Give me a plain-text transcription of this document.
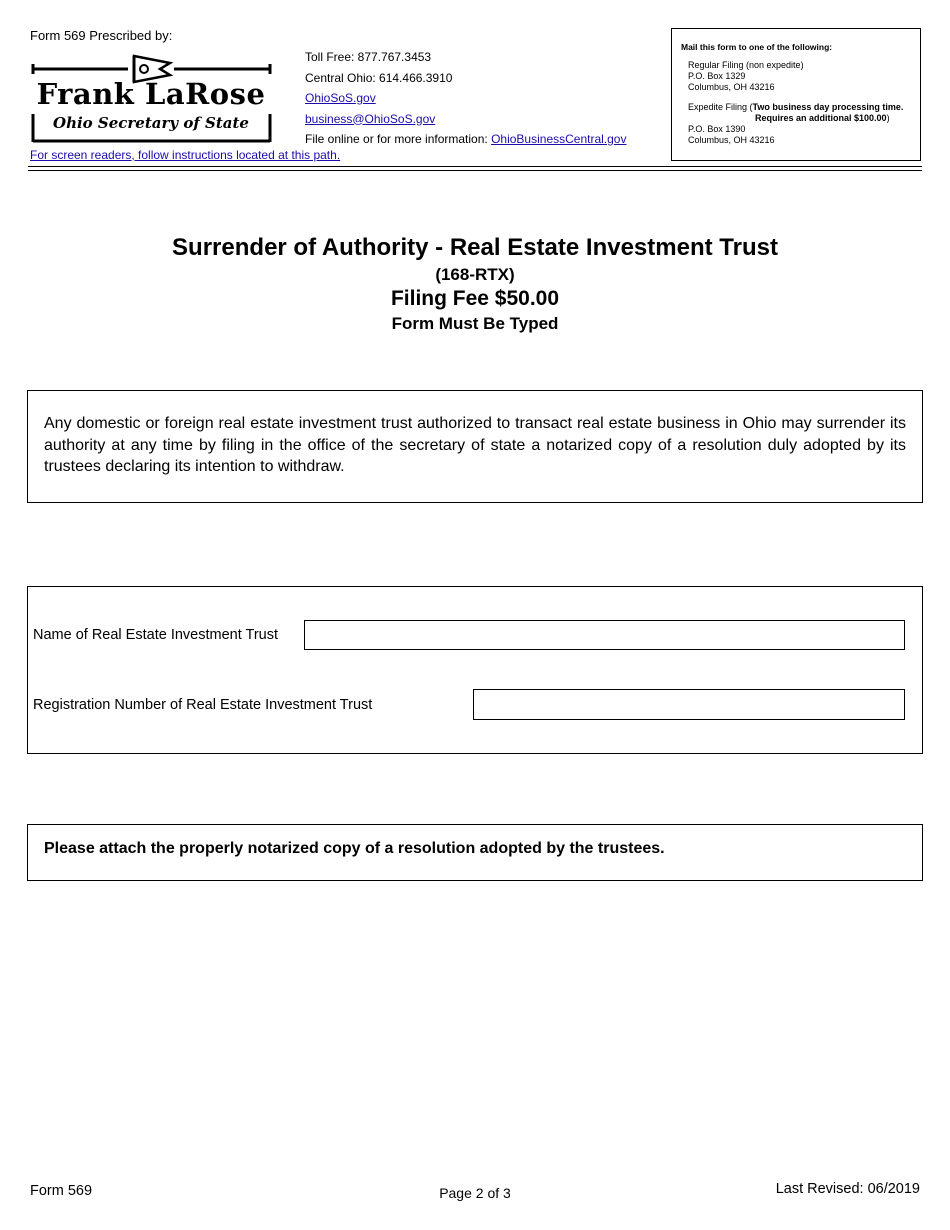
Form 569 Prescribed by:
Frank LaRose
Ohio Secretary of State
Toll Free: 877.767.3453
Central Ohio: 614.466.3910
OhioSoS.gov
business@OhioSoS.gov
File online or for more information: OhioBusinessCentral.gov
For screen readers, follow instructions located at this path.
Mail this form to one of the following:
Regular Filing (non expedite)
P.O. Box 1329
Columbus, OH 43216
Expedite Filing (Two business day processing time.
Requires an additional $100.00)
P.O. Box 1390
Columbus, OH 43216
Surrender of Authority - Real Estate Investment Trust
(168-RTX)
Filing Fee $50.00
Form Must Be Typed

Any domestic or foreign real estate investment trust authorized to transact real estate business in Ohio may surrender its authority at any time by filing in the office of the secretary of state a notarized copy of a resolution duly adopted by its trustees declaring its intention to withdraw.

Name of Real Estate Investment Trust
Registration Number of Real Estate Investment Trust
Please attach the properly notarized copy of a resolution adopted by the trustees.
Form 569	Page 2 of 3	Last Revised: 06/2019
